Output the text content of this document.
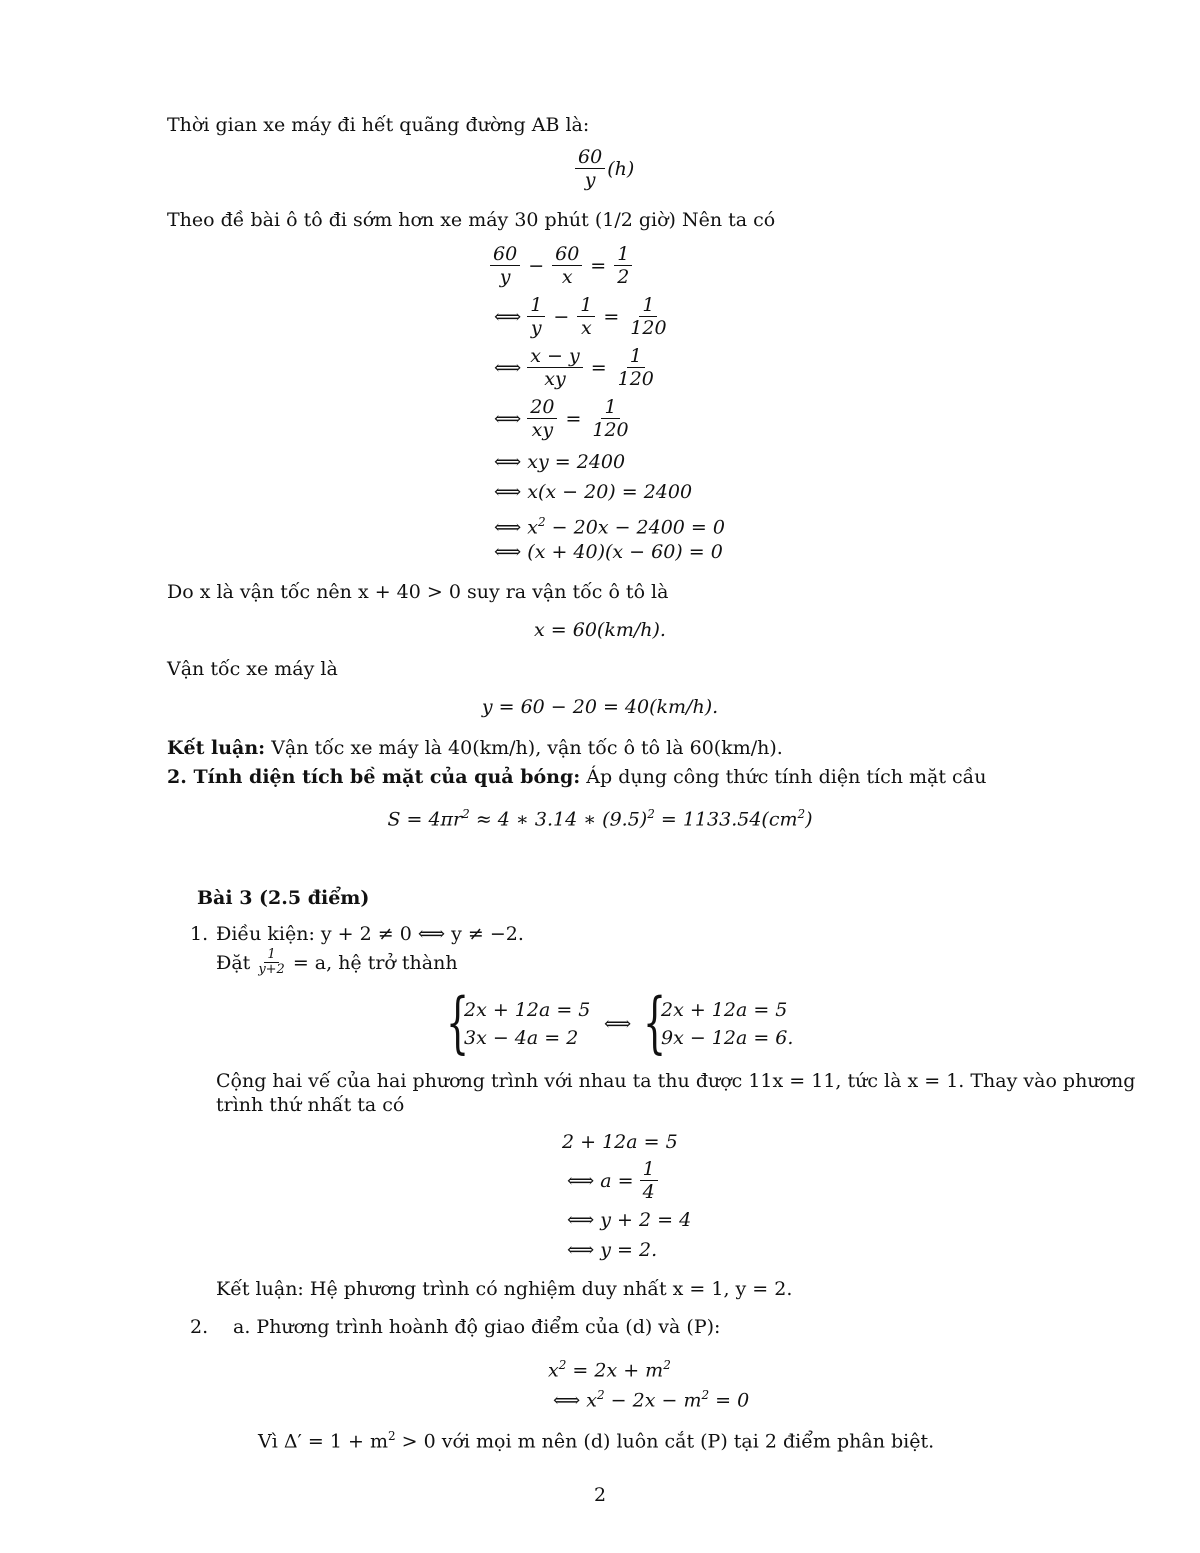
Thời gian xe máy đi hết quãng đường AB là:
$\frac{60}{y} (h)$
Theo đề bài ô tô đi sớm hơn xe máy 30 phút (1/2 giờ) Nên ta có
$\frac{60}{y} - \frac{60}{x} = \frac{1}{2}$
⟺ $\frac{1}{y} - \frac{1}{x} = \frac{1}{120}$
⟺ $\frac{x - y}{xy} = \frac{1}{120}$
⟺ $\frac{20}{xy} = \frac{1}{120}$
⟺ xy = 2400
⟺ x(x − 20) = 2400
⟺ $x^2 - 20x - 2400 = 0$
⟺ (x + 40)(x − 60) = 0
Do x là vận tốc nên x + 40 > 0 suy ra vận tốc ô tô là
x = 60(km/h).
Vận tốc xe máy là
y = 60 − 20 = 40(km/h).
Kết luận: Vận tốc xe máy là 40(km/h), vận tốc ô tô là 60(km/h).
2. Tính diện tích bề mặt của quả bóng: Áp dụng công thức tính diện tích mặt cầu
$S = 4\pi r^2 \approx 4$ ∗ 3.14 ∗ $(9.5)^2 = 1133.54(cm^2)$
Bài 3 (2.5 điểm)
1. Điều kiện: y + 2 ≠ 0 ⟺ y ≠ −2.
Đặt $\frac{1}{y+2} = a$, hệ trở thành
{
2x + 12a = 5
3x − 4a = 2
⟺ {
2x + 12a = 5
9x − 12a = 6.
Cộng hai vế của hai phương trình với nhau ta thu được 11x = 11, tức là x = 1. Thay vào phương
trình thứ nhất ta có
2 + 12a = 5
⟺ $a = \frac{1}{4}$
⟺ y + 2 = 4
⟺ y = 2.
Kết luận: Hệ phương trình có nghiệm duy nhất x = 1, y = 2.
2. a. Phương trình hoành độ giao điểm của (d) và (P):
$x^2 = 2x + m^2$
⟺ $x^2 - 2x - m^2 = 0$
Vì $\Delta' = 1 + m^2 > 0$ với mọi m nên (d) luôn cắt (P) tại 2 điểm phân biệt.
2
